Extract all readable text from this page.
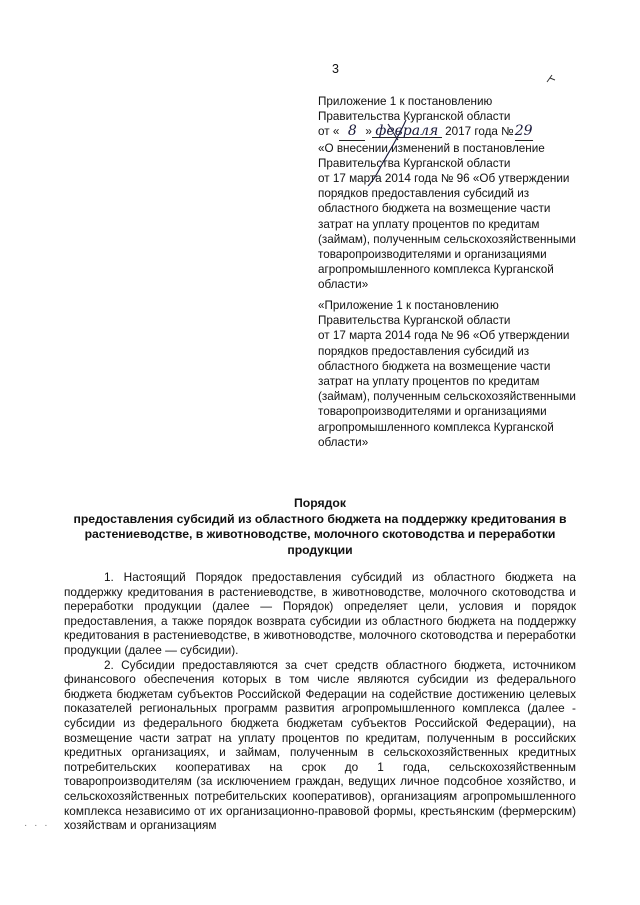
3
Приложение 1 к постановлению
Правительства Курганской области
от « 8 » февраля 2017 года №29
«О внесении изменений в постановление
Правительства Курганской области
от 17 марта 2014 года № 96 «Об утверждении
порядков предоставления субсидий из
областного бюджета на возмещение части
затрат на уплату процентов по кредитам
(займам), полученным сельскохозяйственными
товаропроизводителями и организациями
агропромышленного комплекса Курганской
области»
«Приложение 1 к постановлению
Правительства Курганской области
от 17 марта 2014 года № 96 «Об утверждении
порядков предоставления субсидий из
областного бюджета на возмещение части
затрат на уплату процентов по кредитам
(займам), полученным сельскохозяйственными
товаропроизводителями и организациями
агропромышленного комплекса Курганской
области»
Порядок
предоставления субсидий из областного бюджета на поддержку кредитования в растениеводстве, в животноводстве, молочного скотоводства и переработки продукции

1. Настоящий Порядок предоставления субсидий из областного бюджета на поддержку кредитования в растениеводстве, в животноводстве, молочного скотоводства и переработки продукции (далее — Порядок) определяет цели, условия и порядок предоставления, а также порядок возврата субсидии из областного бюджета на поддержку кредитования в растениеводстве, в животноводстве, молочного скотоводства и переработки продукции (далее — субсидии).

2. Субсидии предоставляются за счет средств областного бюджета, источником финансового обеспечения которых в том числе являются субсидии из федерального бюджета бюджетам субъектов Российской Федерации на содействие достижению целевых показателей региональных программ развития агропромышленного комплекса (далее - субсидии из федерального бюджета бюджетам субъектов Российской Федерации), на возмещение части затрат на уплату процентов по кредитам, полученным в российских кредитных организациях, и займам, полученным в сельскохозяйственных кредитных потребительских кооперативах на срок до 1 года, сельскохозяйственным товаропроизводителям (за исключением граждан, ведущих личное подсобное хозяйство, и сельскохозяйственных потребительских кооперативов), организациям агропромышленного комплекса независимо от их организационно-правовой формы, крестьянским (фермерским) хозяйствам и организациям

· · ·
